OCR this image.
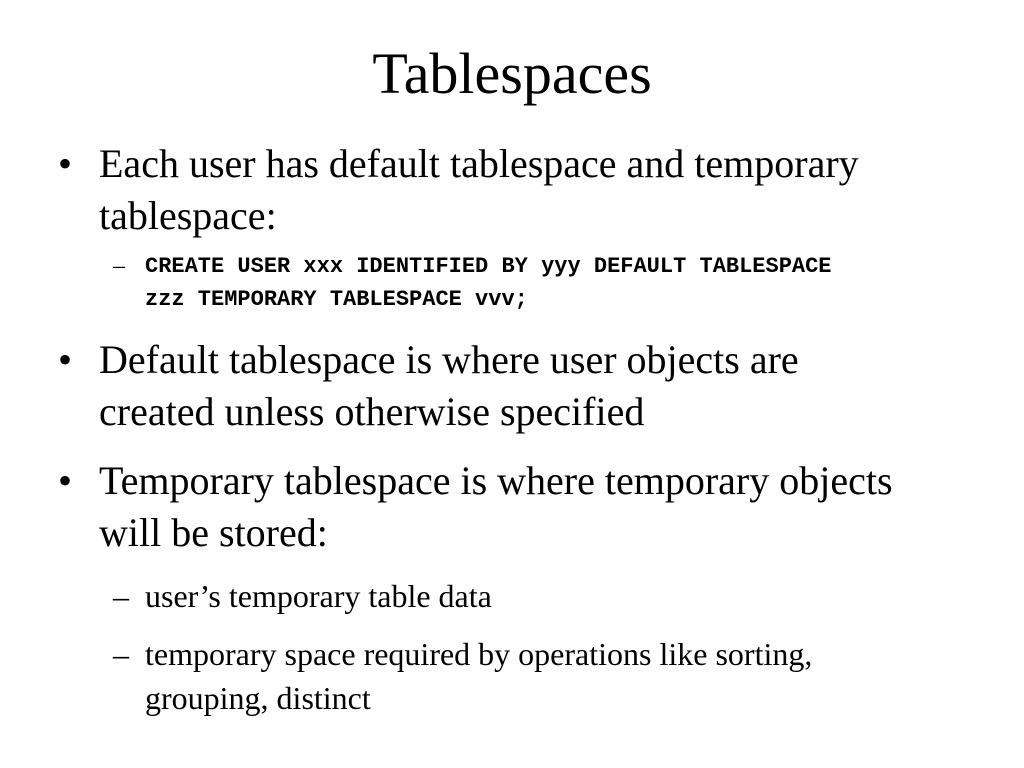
Tablespaces
• Each user has default tablespace and temporary tablespace:
– CREATE USER xxx IDENTIFIED BY yyy DEFAULT TABLESPACE zzz TEMPORARY TABLESPACE vvv;
• Default tablespace is where user objects are created unless otherwise specified
• Temporary tablespace is where temporary objects will be stored:
– user’s temporary table data
– temporary space required by operations like sorting, grouping, distinct
